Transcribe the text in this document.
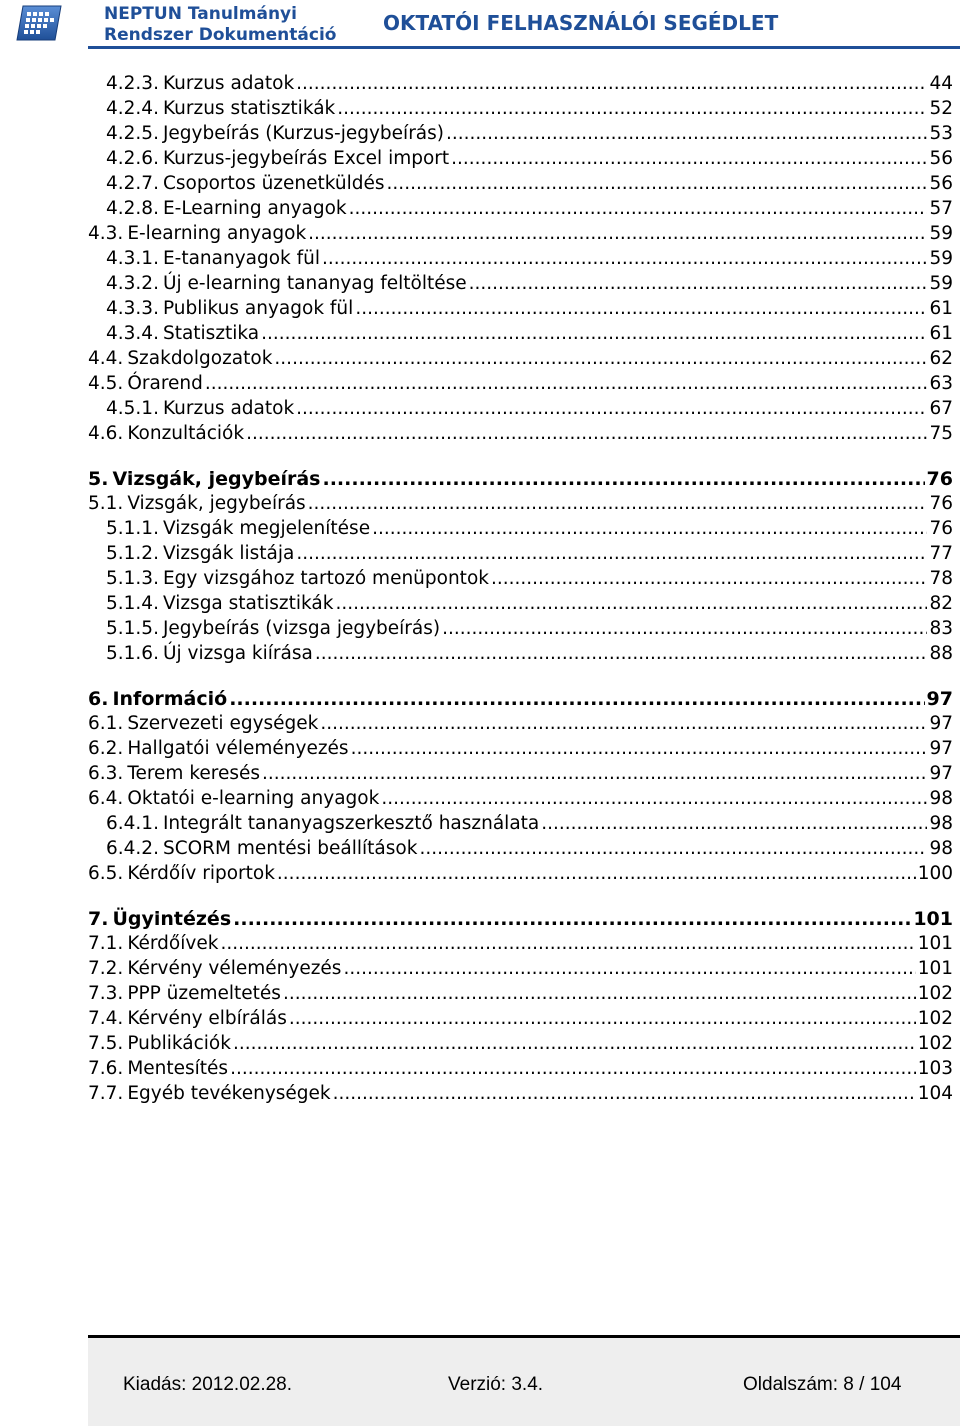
NEPTUN Tanulmányi
Rendszer Dokumentáció OKTATÓI FELHASZNÁLÓI SEGÉDLET
4.2.3. Kurzus adatok .....	44
4.2.4. Kurzus statisztikák .....	52
4.2.5. Jegybeírás (Kurzus-jegybeírás) .....	53
4.2.6. Kurzus-jegybeírás Excel import .....	56
4.2.7. Csoportos üzenetküldés .....	56
4.2.8. E-Learning anyagok .....	57
4.3. E-learning anyagok .....	59
4.3.1. E-tananyagok fül .....	59
4.3.2. Új e-learning tananyag feltöltése .....	59
4.3.3. Publikus anyagok fül .....	61
4.3.4. Statisztika .....	61
4.4. Szakdolgozatok .....	62
4.5. Órarend .....	63
4.5.1. Kurzus adatok .....	67
4.6. Konzultációk .....	75
5. Vizsgák, jegybeírás .....	76
5.1. Vizsgák, jegybeírás .....	76
5.1.1. Vizsgák megjelenítése .....	76
5.1.2. Vizsgák listája .....	77
5.1.3. Egy vizsgához tartozó menüpontok .....	78
5.1.4. Vizsga statisztikák .....	82
5.1.5. Jegybeírás (vizsga jegybeírás) .....	83
5.1.6. Új vizsga kiírása .....	88
6. Információ .....	97
6.1. Szervezeti egységek .....	97
6.2. Hallgatói véleményezés .....	97
6.3. Terem keresés .....	97
6.4. Oktatói e-learning anyagok .....	98
6.4.1. Integrált tananyagszerkesztő használata .....	98
6.4.2. SCORM mentési beállítások .....	98
6.5. Kérdőív riportok .....	100
7. Ügyintézés .....	101
7.1. Kérdőívek .....	101
7.2. Kérvény véleményezés .....	101
7.3. PPP üzemeltetés .....	102
7.4. Kérvény elbírálás .....	102
7.5. Publikációk .....	102
7.6. Mentesítés .....	103
7.7. Egyéb tevékenységek .....	104
Kiadás: 2012.02.28.	Verzió: 3.4.	Oldalszám: 8 / 104
